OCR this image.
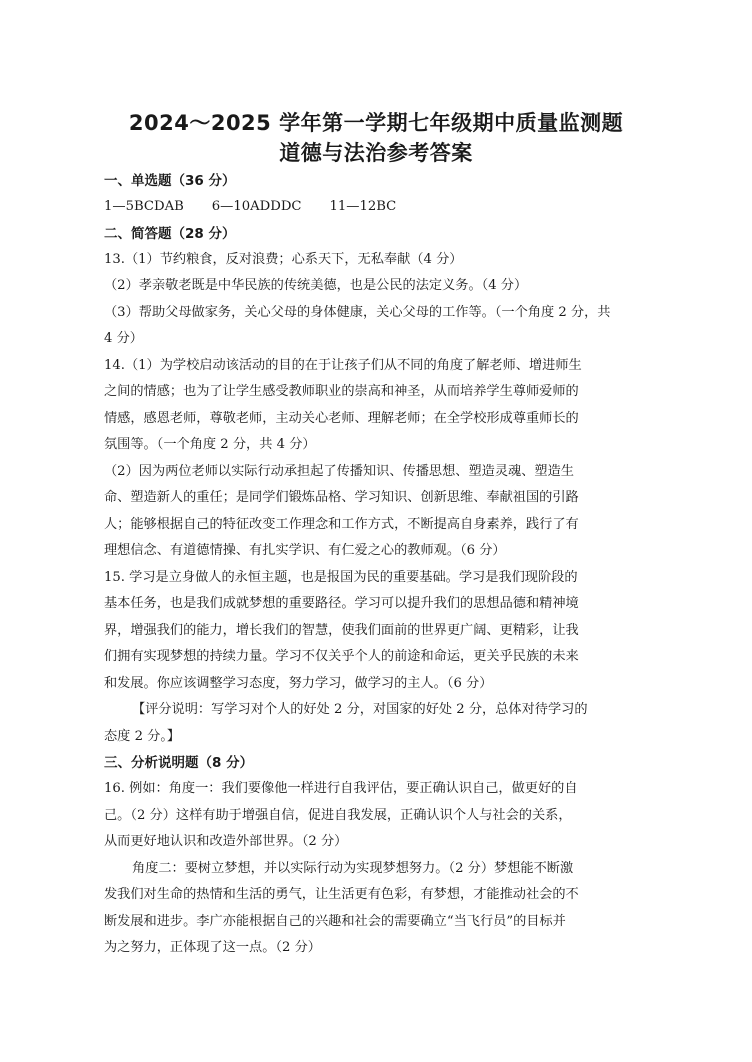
2024～2025 学年第一学期七年级期中质量监测题
道德与法治参考答案
一、单选题（36 分）
1—5BCDAB 6—10ADDDC 11—12BC
二、简答题（28 分）
13.（1）节约粮食，反对浪费；心系天下，无私奉献（4 分）
（2）孝亲敬老既是中华民族的传统美德，也是公民的法定义务。（4 分）
（3）帮助父母做家务，关心父母的身体健康，关心父母的工作等。（一个角度 2 分，共
4 分）
14.（1）为学校启动该活动的目的在于让孩子们从不同的角度了解老师、增进师生
之间的情感；也为了让学生感受教师职业的崇高和神圣，从而培养学生尊师爱师的
情感，感恩老师，尊敬老师，主动关心老师、理解老师；在全学校形成尊重师长的
氛围等。（一个角度 2 分，共 4 分）
（2）因为两位老师以实际行动承担起了传播知识、传播思想、塑造灵魂、塑造生
命、塑造新人的重任；是同学们锻炼品格、学习知识、创新思维、奉献祖国的引路
人；能够根据自己的特征改变工作理念和工作方式，不断提高自身素养，践行了有
理想信念、有道德情操、有扎实学识、有仁爱之心的教师观。（6 分）
15. 学习是立身做人的永恒主题，也是报国为民的重要基础。学习是我们现阶段的
基本任务，也是我们成就梦想的重要路径。学习可以提升我们的思想品德和精神境
界，增强我们的能力，增长我们的智慧，使我们面前的世界更广阔、更精彩，让我
们拥有实现梦想的持续力量。学习不仅关乎个人的前途和命运，更关乎民族的未来
和发展。你应该调整学习态度，努力学习，做学习的主人。（6 分）
【评分说明：写学习对个人的好处 2 分，对国家的好处 2 分，总体对待学习的
态度 2 分。】
三、分析说明题（8 分）
16. 例如：角度一：我们要像他一样进行自我评估，要正确认识自己，做更好的自
己。（2 分）这样有助于增强自信，促进自我发展，正确认识个人与社会的关系，
从而更好地认识和改造外部世界。（2 分）
角度二：要树立梦想，并以实际行动为实现梦想努力。（2 分）梦想能不断激
发我们对生命的热情和生活的勇气，让生活更有色彩，有梦想，才能推动社会的不
断发展和进步。李广亦能根据自己的兴趣和社会的需要确立“当飞行员”的目标并
为之努力，正体现了这一点。（2 分）
